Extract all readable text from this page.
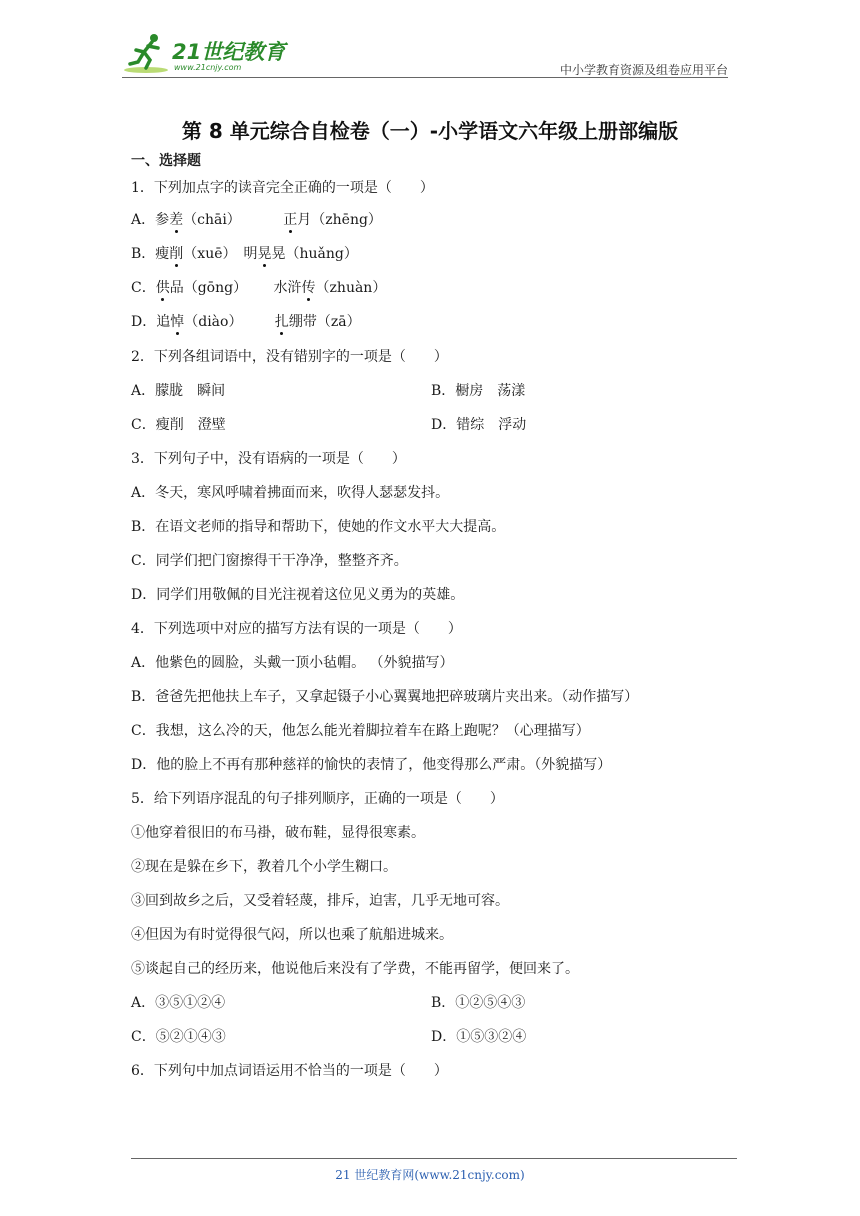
21世纪教育
www.21cnjy.com	中小学教育资源及组卷应用平台
第 8 单元综合自检卷（一）-小学语文六年级上册部编版
一、选择题
1．下列加点字的读音完全正确的一项是（　　）
A．参差（chāi）	正月（zhēng）
B．瘦削（xuē）　明晃晃（huǎng）
C．供品（gōng） 水浒传（zhuàn）
D．追悼（diào） 扎绷带（zā）
2．下列各组词语中，没有错别字的一项是（　　）
A．朦胧　瞬间	B．橱房　荡漾
C．瘦削　澄壁	D．错综　浮动
3．下列句子中，没有语病的一项是（　　）
A．冬天，寒风呼啸着拂面而来，吹得人瑟瑟发抖。
B．在语文老师的指导和帮助下，使她的作文水平大大提高。
C．同学们把门窗擦得干干净净，整整齐齐。
D．同学们用敬佩的目光注视着这位见义勇为的英雄。
4．下列选项中对应的描写方法有误的一项是（　　）
A．他紫色的圆脸，头戴一顶小毡帽。 （外貌描写）
B．爸爸先把他扶上车子，又拿起镊子小心翼翼地把碎玻璃片夹出来。（动作描写）
C．我想，这么冷的天，他怎么能光着脚拉着车在路上跑呢？（心理描写）
D．他的脸上不再有那种慈祥的愉快的表情了，他变得那么严肃。（外貌描写）
5．给下列语序混乱的句子排列顺序，正确的一项是（　　）
①他穿着很旧的布马褂，破布鞋，显得很寒素。
②现在是躲在乡下，教着几个小学生糊口。
③回到故乡之后，又受着轻蔑，排斥，迫害，几乎无地可容。
④但因为有时觉得很气闷，所以也乘了航船进城来。
⑤谈起自己的经历来，他说他后来没有了学费，不能再留学，便回来了。
A．③⑤①②④	B．①②⑤④③
C．⑤②①④③	D．①⑤③②④
6．下列句中加点词语运用不恰当的一项是（　　）
21 世纪教育网(www.21cnjy.com)
